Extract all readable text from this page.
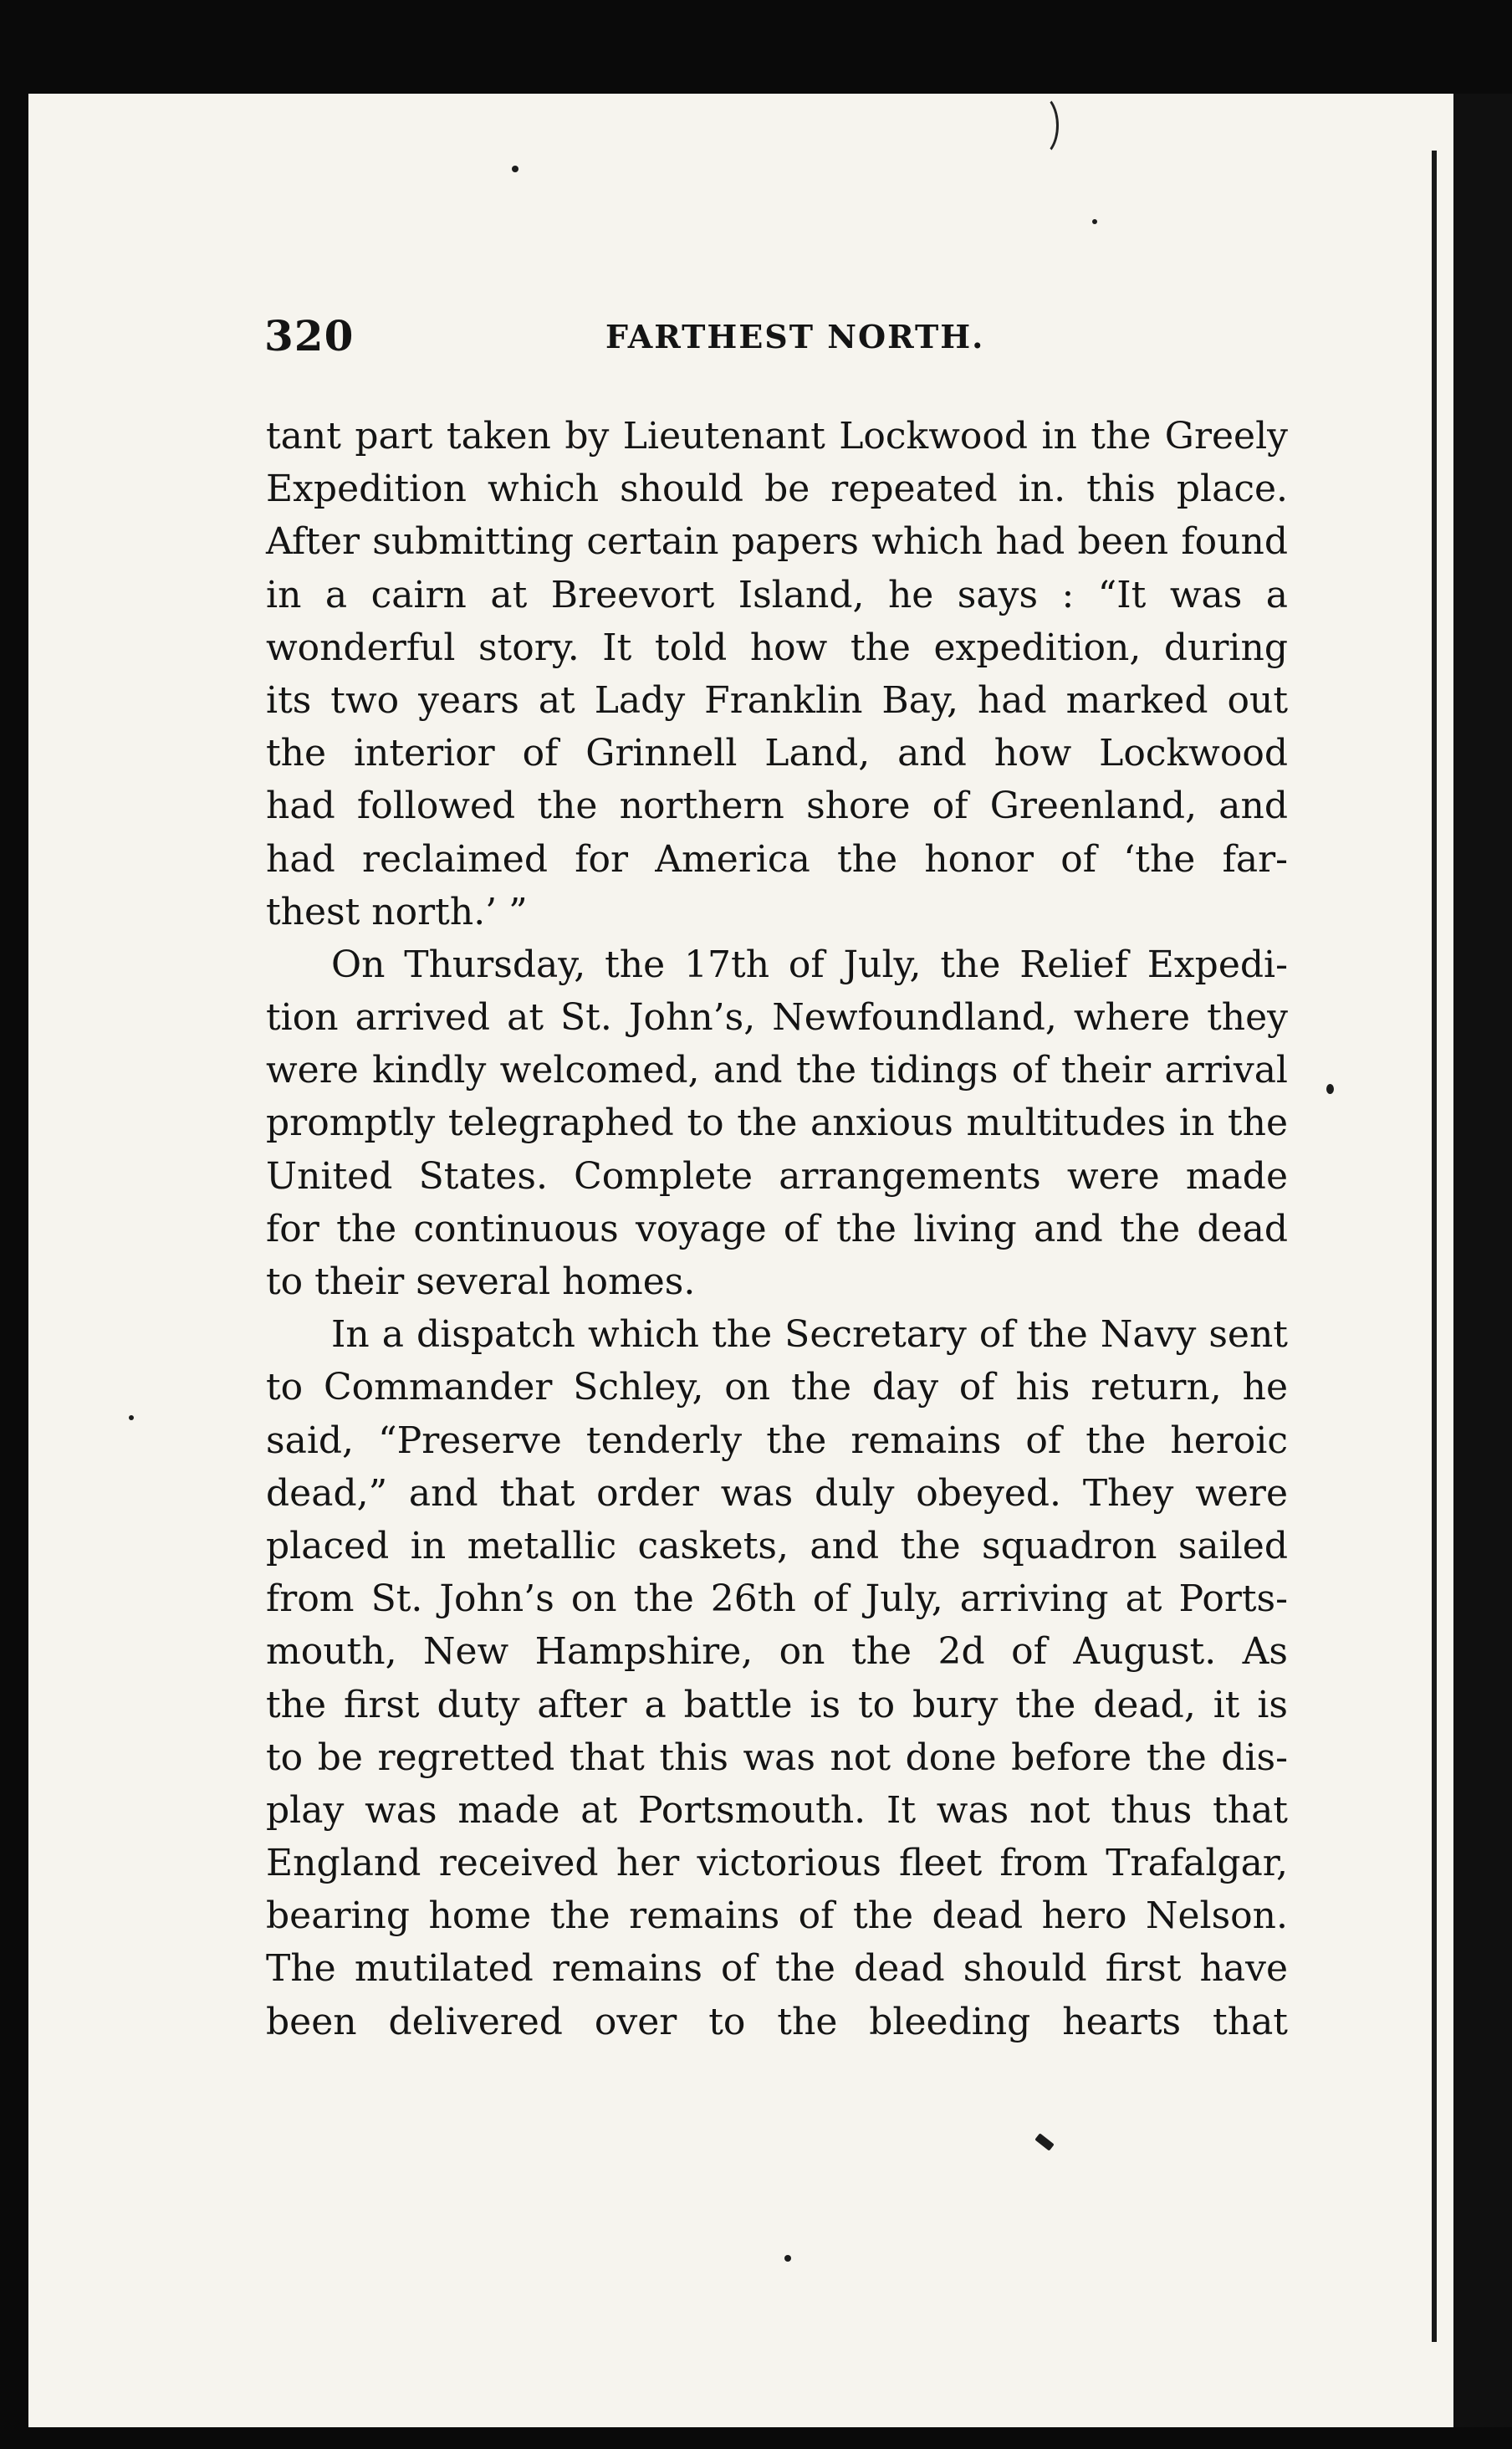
320	FARTHEST NORTH.
tant part taken by Lieutenant Lockwood in the Greely
Expedition which should be repeated in. this place.
After submitting certain papers which had been found
in a cairn at Breevort Island, he says : “It was a
wonderful story. It told how the expedition, during
its two years at Lady Franklin Bay, had marked out
the interior of Grinnell Land, and how Lockwood
had followed the northern shore of Greenland, and
had reclaimed for America the honor of ‘the far-
thest north.’ ”
On Thursday, the 17th of July, the Relief Expedi-
tion arrived at St. John’s, Newfoundland, where they
were kindly welcomed, and the tidings of their arrival
promptly telegraphed to the anxious multitudes in the
United States. Complete arrangements were made
for the continuous voyage of the living and the dead
to their several homes.
In a dispatch which the Secretary of the Navy sent
to Commander Schley, on the day of his return, he
said, “Preserve tenderly the remains of the heroic
dead,” and that order was duly obeyed. They were
placed in metallic caskets, and the squadron sailed
from St. John’s on the 26th of July, arriving at Ports-
mouth, New Hampshire, on the 2d of August. As
the first duty after a battle is to bury the dead, it is
to be regretted that this was not done before the dis-
play was made at Portsmouth. It was not thus that
England received her victorious fleet from Trafalgar,
bearing home the remains of the dead hero Nelson.
The mutilated remains of the dead should first have
been delivered over to the bleeding hearts that
